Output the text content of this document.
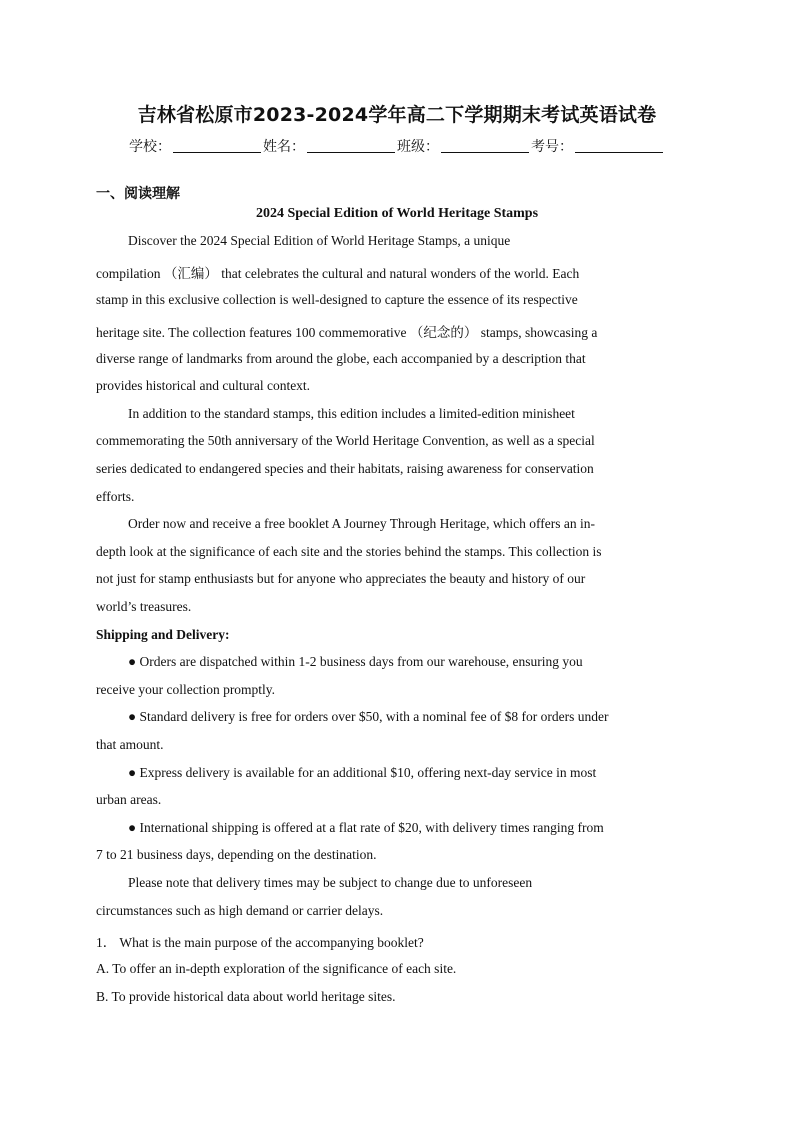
吉林省松原市2023-2024学年高二下学期期末考试英语试卷
学校：	姓名：	班级：	考号：
一、阅读理解
2024 Special Edition of World Heritage Stamps
Discover the 2024 Special Edition of World Heritage Stamps, a unique
compilation （汇编） that celebrates the cultural and natural wonders of the world. Each
stamp in this exclusive collection is well-designed to capture the essence of its respective
heritage site. The collection features 100 commemorative （纪念的） stamps, showcasing a
diverse range of landmarks from around the globe, each accompanied by a description that
provides historical and cultural context.
In addition to the standard stamps, this edition includes a limited-edition minisheet
commemorating the 50th anniversary of the World Heritage Convention, as well as a special
series dedicated to endangered species and their habitats, raising awareness for conservation
efforts.
Order now and receive a free booklet A Journey Through Heritage, which offers an in-
depth look at the significance of each site and the stories behind the stamps. This collection is
not just for stamp enthusiasts but for anyone who appreciates the beauty and history of our
world’s treasures.
Shipping and Delivery:
● Orders are dispatched within 1-2 business days from our warehouse, ensuring you
receive your collection promptly.
● Standard delivery is free for orders over $50, with a nominal fee of $8 for orders under
that amount.
● Express delivery is available for an additional $10, offering next-day service in most
urban areas.
● International shipping is offered at a flat rate of $20, with delivery times ranging from
7 to 21 business days, depending on the destination.
Please note that delivery times may be subject to change due to unforeseen
circumstances such as high demand or carrier delays.
1． What is the main purpose of the accompanying booklet?
A. To offer an in-depth exploration of the significance of each site.
B. To provide historical data about world heritage sites.
